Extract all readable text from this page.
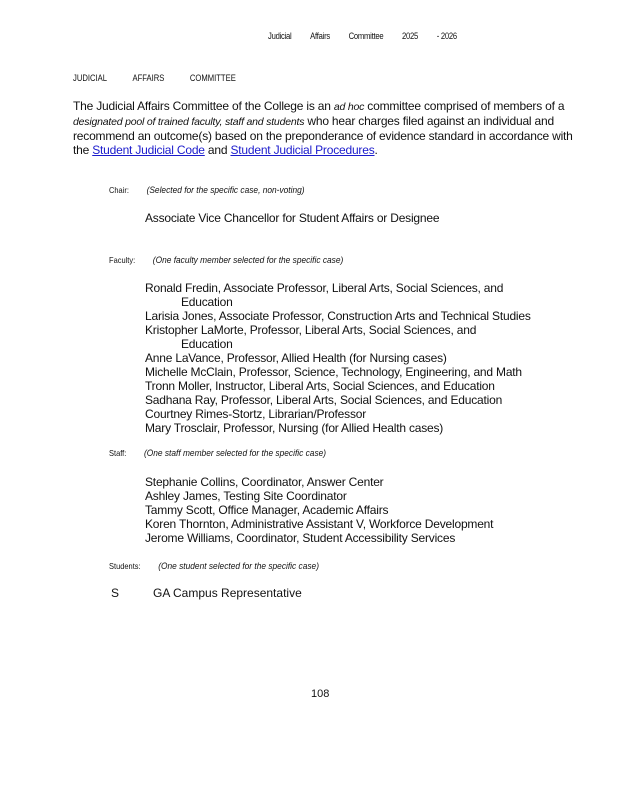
Judicial Affairs Committee 2025 - 2026
JUDICIAL	AFFAIRS	COMMITTEE
The Judicial Affairs Committee of the College is an ad hoc committee comprised of members of a designated pool of trained faculty, staff and students who hear charges filed against an individual and recommend an outcome(s) based on the preponderance of evidence standard in accordance with the Student Judicial Code and Student Judicial Procedures.
Chair: (Selected for the specific case, non-voting)
Associate Vice Chancellor for Student Affairs or Designee
Faculty: (One faculty member selected for the specific case)
Ronald Fredin, Associate Professor, Liberal Arts, Social Sciences, and
Education
Larisia Jones, Associate Professor, Construction Arts and Technical Studies
Kristopher LaMorte, Professor, Liberal Arts, Social Sciences, and
Education
Anne LaVance, Professor, Allied Health (for Nursing cases)
Michelle McClain, Professor, Science, Technology, Engineering, and Math
Tronn Moller, Instructor, Liberal Arts, Social Sciences, and Education
Sadhana Ray, Professor, Liberal Arts, Social Sciences, and Education
Courtney Rimes-Stortz, Librarian/Professor
Mary Trosclair, Professor, Nursing (for Allied Health cases)
Staff: (One staff member selected for the specific case)
Stephanie Collins, Coordinator, Answer Center
Ashley James, Testing Site Coordinator
Tammy Scott, Office Manager, Academic Affairs
Koren Thornton, Administrative Assistant V, Workforce Development
Jerome Williams, Coordinator, Student Accessibility Services
Students: (One student selected for the specific case)
S	GA Campus Representative
108
